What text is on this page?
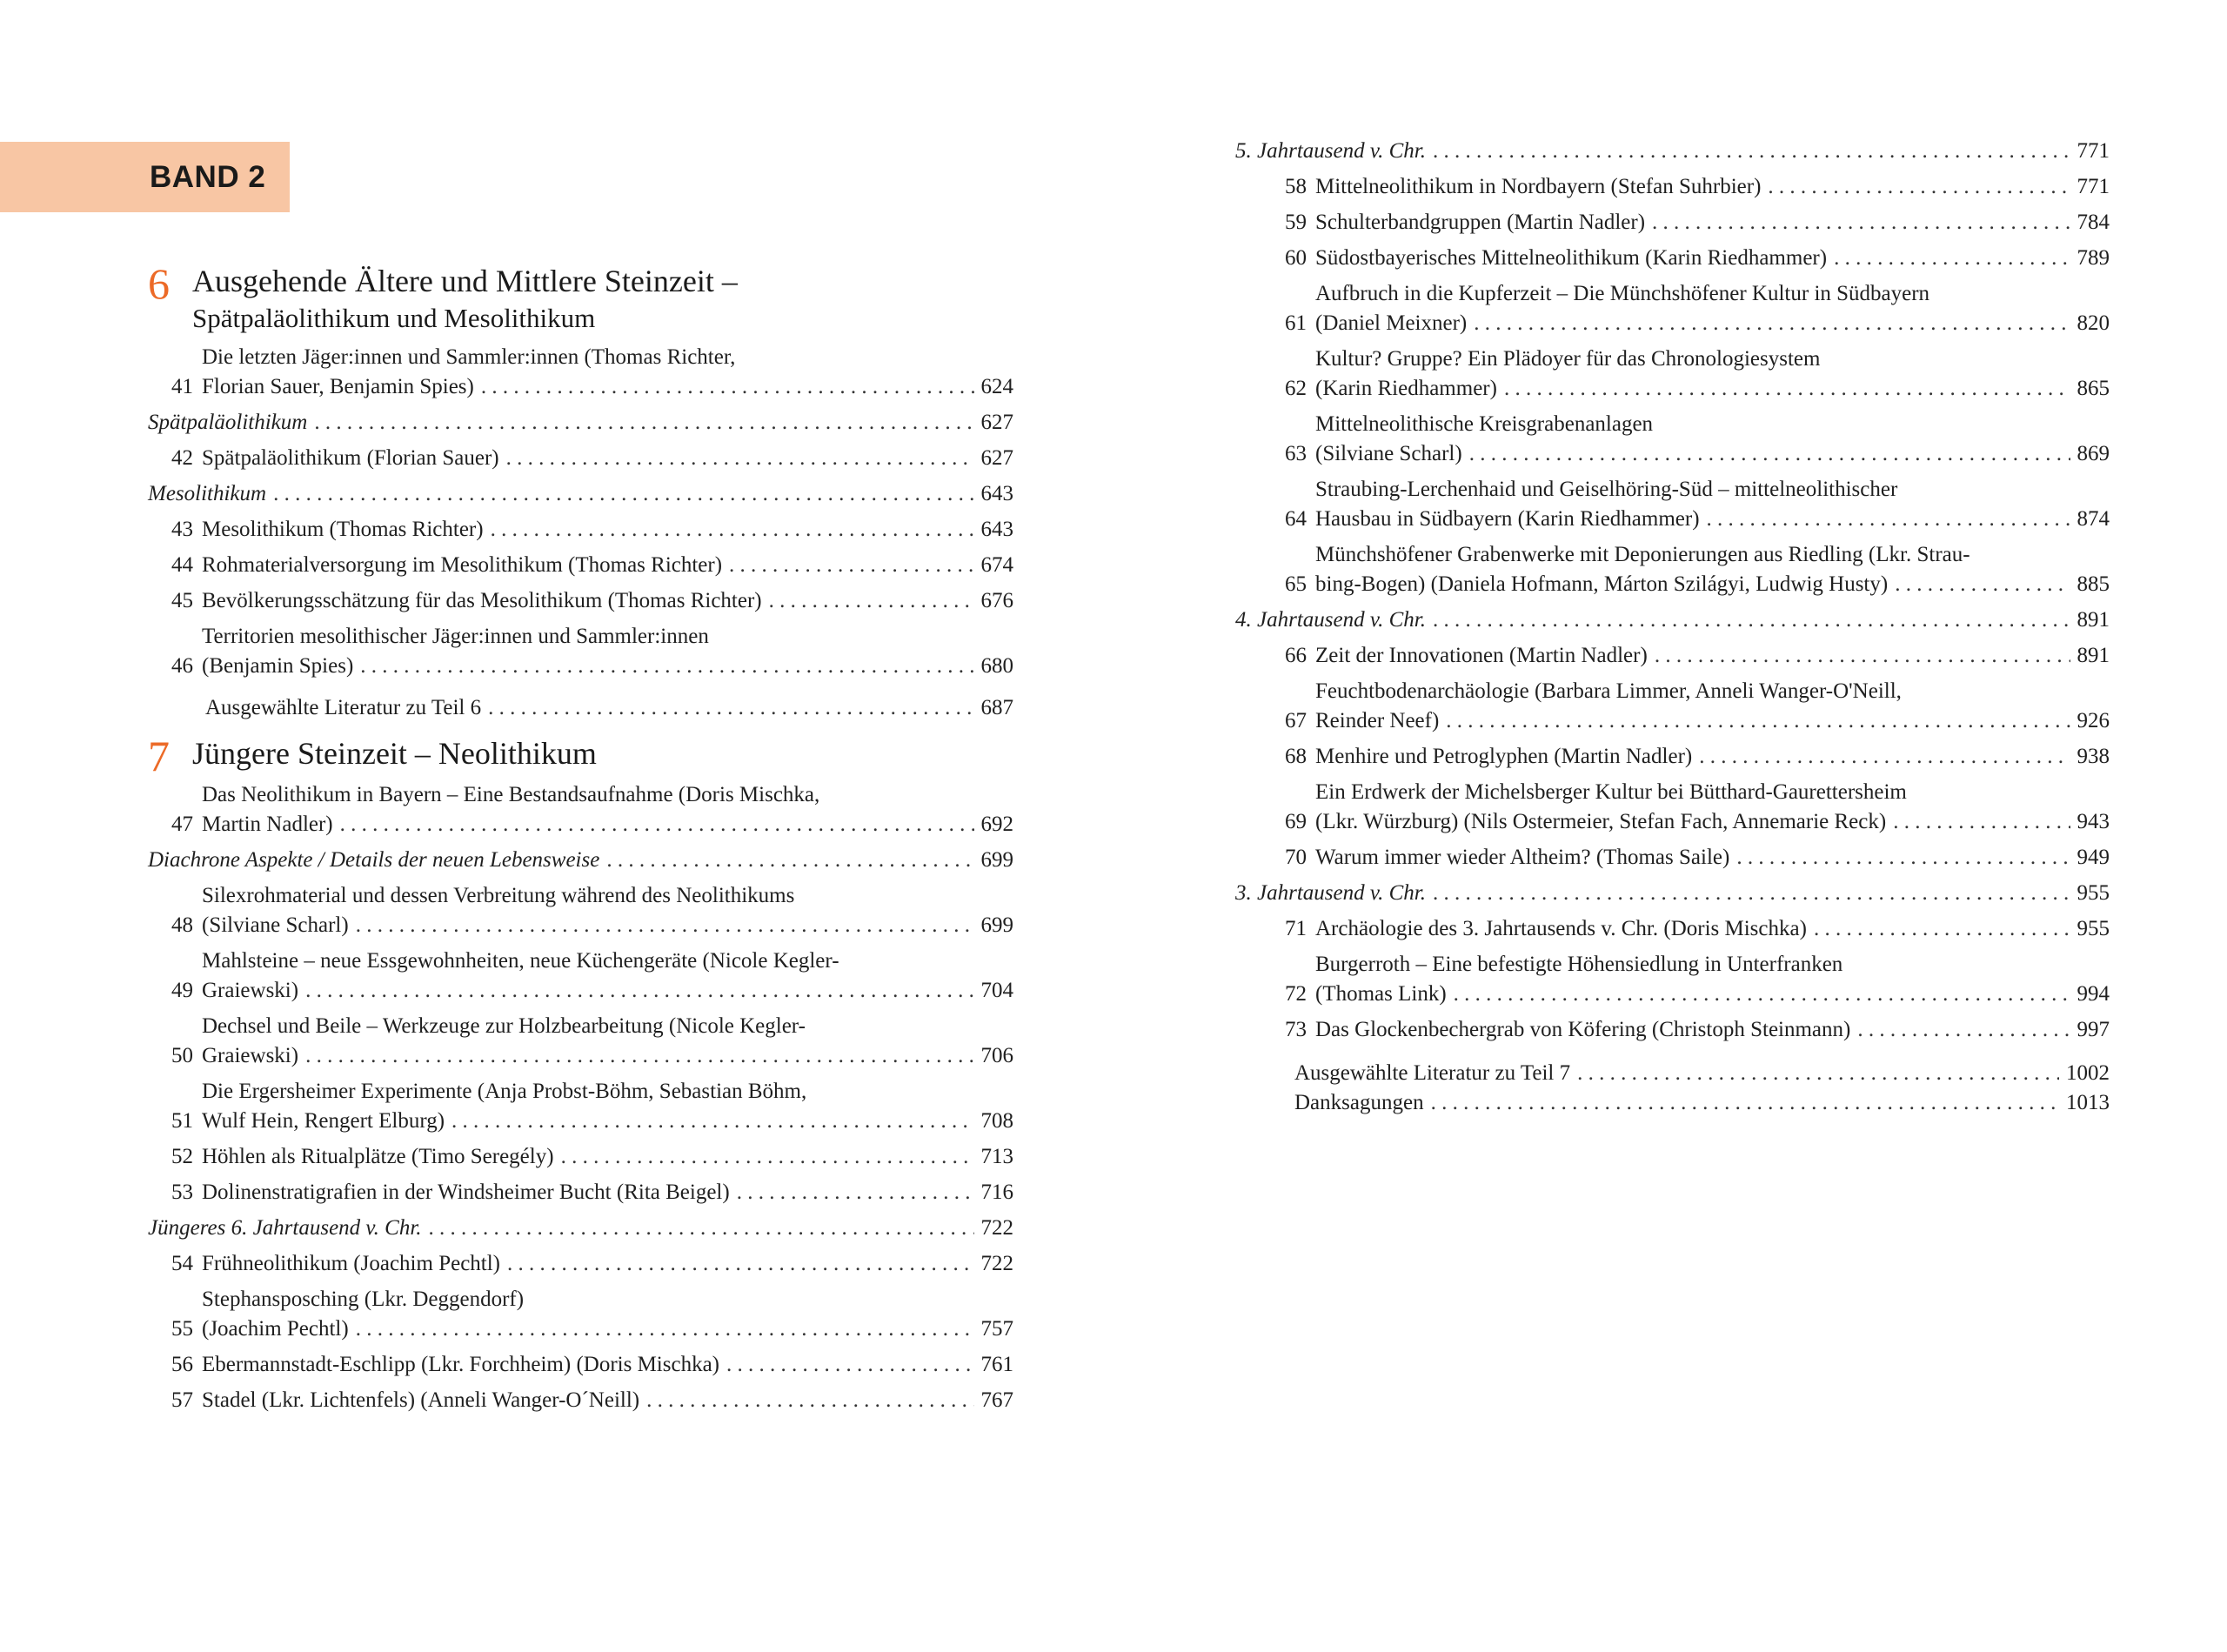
BAND 2
6 Ausgehende Ältere und Mittlere Steinzeit –
Spätpaläolithikum und Mesolithikum
41
Die letzten Jäger:innen und Sammler:innen (Thomas Richter,
Florian Sauer, Benjamin Spies) . . .	624
Spätpaläolithikum . . .	627
42 Spätpaläolithikum (Florian Sauer) . . .	627
Mesolithikum . . .	643
43 Mesolithikum (Thomas Richter) . . .	643
44 Rohmaterialversorgung im Mesolithikum (Thomas Richter) . . .	674
45 Bevölkerungsschätzung für das Mesolithikum (Thomas Richter) . . .	676
46
Territorien mesolithischer Jäger:innen und Sammler:innen
(Benjamin Spies) . . .	680
Ausgewählte Literatur zu Teil 6 . . .	687
7 Jüngere Steinzeit – Neolithikum
47
Das Neolithikum in Bayern – Eine Bestandsaufnahme (Doris Mischka,
Martin Nadler) . . .	692
Diachrone Aspekte / Details der neuen Lebensweise . . .	699
48
Silexrohmaterial und dessen Verbreitung während des Neolithikums
(Silviane Scharl) . . .	699
49
Mahlsteine – neue Essgewohnheiten, neue Küchengeräte (Nicole Kegler-
Graiewski) . . .	704
50
Dechsel und Beile – Werkzeuge zur Holzbearbeitung (Nicole Kegler-
Graiewski) . . .	706
51
Die Ergersheimer Experimente (Anja Probst-Böhm, Sebastian Böhm,
Wulf Hein, Rengert Elburg) . . .	708
52 Höhlen als Ritualplätze (Timo Seregély) . . .	713
53 Dolinenstratigrafien in der Windsheimer Bucht (Rita Beigel) . . .	716
Jüngeres 6. Jahrtausend v. Chr. . . .	722
54 Frühneolithikum (Joachim Pechtl) . . .	722
55
Stephansposching (Lkr. Deggendorf)
(Joachim Pechtl) . . .	757
56 Ebermannstadt-Eschlipp (Lkr. Forchheim) (Doris Mischka) . . .	761
57 Stadel (Lkr. Lichtenfels) (Anneli Wanger-O´Neill) . . .	767
5. Jahrtausend v. Chr. . . .	771
58 Mittelneolithikum in Nordbayern (Stefan Suhrbier) . . .	771
59 Schulterbandgruppen (Martin Nadler) . . .	784
60 Südostbayerisches Mittelneolithikum (Karin Riedhammer) . . .	789
61
Aufbruch in die Kupferzeit – Die Münchshöfener Kultur in Südbayern
(Daniel Meixner) . . .	820
62
Kultur? Gruppe? Ein Plädoyer für das Chronologiesystem
(Karin Riedhammer) . . .	865
63
Mittelneolithische Kreisgrabenanlagen
(Silviane Scharl) . . .	869
64
Straubing-Lerchenhaid und Geiselhöring-Süd – mittelneolithischer
Hausbau in Südbayern (Karin Riedhammer) . . .	874
65
Münchshöfener Grabenwerke mit Deponierungen aus Riedling (Lkr. Strau-
bing-Bogen) (Daniela Hofmann, Márton Szilágyi, Ludwig Husty) . . .	885
4. Jahrtausend v. Chr. . . .	891
66 Zeit der Innovationen (Martin Nadler) . . .	891
67
Feuchtbodenarchäologie (Barbara Limmer, Anneli Wanger-O'Neill,
Reinder Neef) . . .	926
68 Menhire und Petroglyphen (Martin Nadler) . . .	938
69
Ein Erdwerk der Michelsberger Kultur bei Bütthard-Gaurettersheim
(Lkr. Würzburg) (Nils Ostermeier, Stefan Fach, Annemarie Reck) . . .	943
70 Warum immer wieder Altheim? (Thomas Saile) . . .	949
3. Jahrtausend v. Chr. . . .	955
71 Archäologie des 3. Jahrtausends v. Chr. (Doris Mischka) . . .	955
72
Burgerroth – Eine befestigte Höhensiedlung in Unterfranken
(Thomas Link) . . .	994
73 Das Glockenbechergrab von Köfering (Christoph Steinmann) . . .	997
Ausgewählte Literatur zu Teil 7 . . .	1002
Danksagungen . . .	1013
